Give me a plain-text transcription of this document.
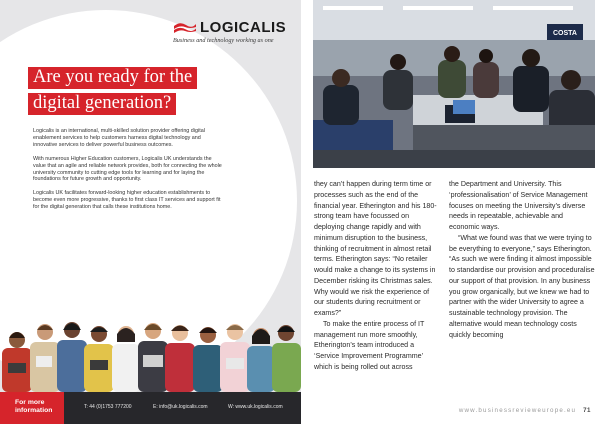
LOGICALIS
Business and technology working as one
Are you ready for the
digital generation?

Logicalis is an international, multi-skilled solution provider offering digital enablement services to help customers harness digital technology and innovative services to deliver powerful business outcomes.

With numerous Higher Education customers, Logicalis UK understands the value that an agile and reliable network provides, both for connecting the whole university community to cutting edge tools for learning and for laying the foundations for future growth and opportunity.

Logicalis UK facilitates forward-looking higher education establishments to become even more progressive, thanks to first class IT services and support fit for the digital generation that calls these institutions home.

For more
information	T: 44 (0)1753 777200	E: info@uk.logicalis.com	W: www.uk.logicalis.com
COSTA

they can’t happen during term time or processes such as the end of the financial year. Etherington and his 180-strong team have focussed on deploying change rapidly and with minimum disruption to the business, thinking of recruitment in almost retail terms. Etherington says: “No retailer would make a change to its systems in December risking its Christmas sales. Why would we risk the experience of our students during recruitment or exams?”

To make the entire process of IT management run more smoothly, Etherington’s team introduced a ‘Service Improvement Programme’ which is being rolled out across

the Department and University. This ‘professionalisation’ of Service Management focuses on meeting the University’s diverse needs in repeatable, achievable and economic ways.

“What we found was that we were trying to be everything to everyone,” says Etherington. “As such we were finding it almost impossible to standardise our provision and proceduralise our support of that provision. In any business you grow organically, but we knew we had to partner with the wider University to agree a sustainable technology provision. The alternative would mean technology costs quickly becoming

www.businessrevieweurope.eu 71
